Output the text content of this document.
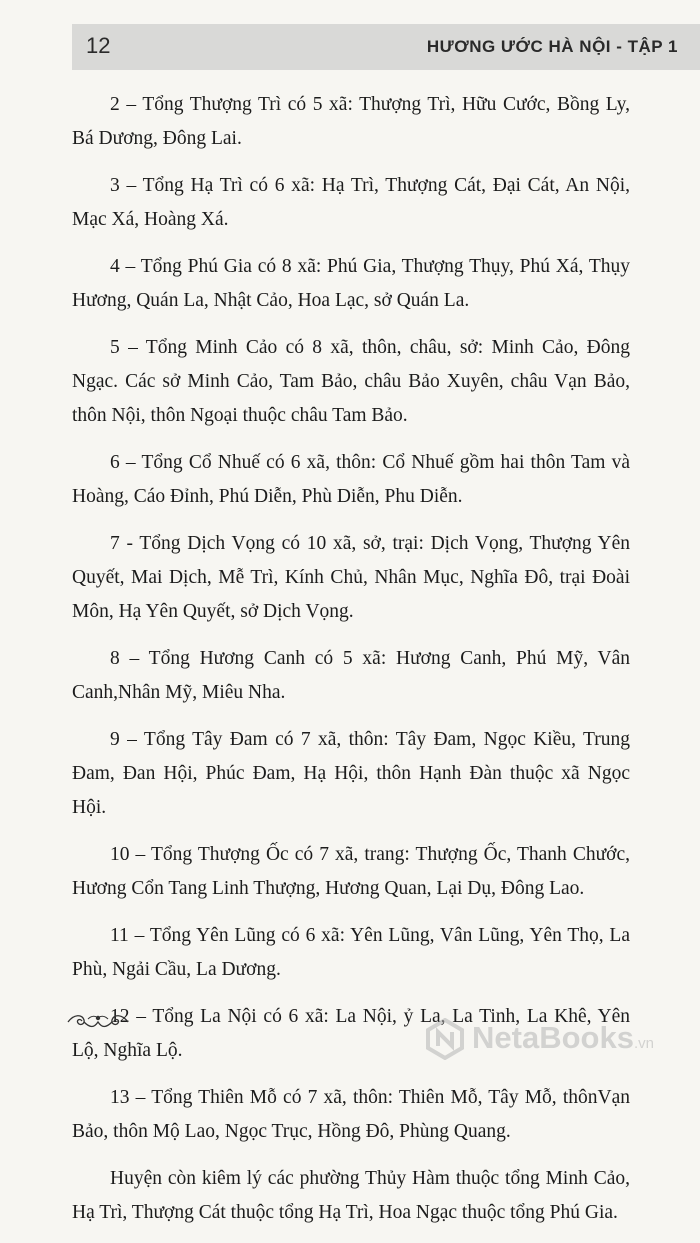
12	HƯƠNG ƯỚC HÀ NỘI - TẬP 1

2 – Tổng Thượng Trì có 5 xã: Thượng Trì, Hữu Cước, Bồng Ly, Bá Dương, Đông Lai.

3 – Tổng Hạ Trì có 6 xã: Hạ Trì, Thượng Cát, Đại Cát, An Nội, Mạc Xá, Hoàng Xá.

4 – Tổng Phú Gia có 8 xã: Phú Gia, Thượng Thụy, Phú Xá, Thụy Hương, Quán La, Nhật Cảo, Hoa Lạc, sở Quán La.

5 – Tổng Minh Cảo có 8 xã, thôn, châu, sở: Minh Cảo, Đông Ngạc. Các sở Minh Cảo, Tam Bảo, châu Bảo Xuyên, châu Vạn Bảo, thôn Nội, thôn Ngoại thuộc châu Tam Bảo.

6 – Tổng Cổ Nhuế có 6 xã, thôn: Cổ Nhuế gồm hai thôn Tam và Hoàng, Cáo Đỉnh, Phú Diễn, Phù Diễn, Phu Diễn.

7 - Tổng Dịch Vọng có 10 xã, sở, trại: Dịch Vọng, Thượng Yên Quyết, Mai Dịch, Mễ Trì, Kính Chủ, Nhân Mục, Nghĩa Đô, trại Đoài Môn, Hạ Yên Quyết, sở Dịch Vọng.

8 – Tổng Hương Canh có 5 xã: Hương Canh, Phú Mỹ, Vân Canh,Nhân Mỹ, Miêu Nha.

9 – Tổng Tây Đam có 7 xã, thôn: Tây Đam, Ngọc Kiều, Trung Đam, Đan Hội, Phúc Đam, Hạ Hội, thôn Hạnh Đàn thuộc xã Ngọc Hội.

10 – Tổng Thượng Ốc có 7 xã, trang: Thượng Ốc, Thanh Chước, Hương Cổn Tang Linh Thượng, Hương Quan, Lại Dụ, Đông Lao.

11 – Tổng Yên Lũng có 6 xã: Yên Lũng, Vân Lũng, Yên Thọ, La Phù, Ngải Cầu, La Dương.

12 – Tổng La Nội có 6 xã: La Nội, ỷ La, La Tinh, La Khê, Yên Lộ, Nghĩa Lộ.

13 – Tổng Thiên Mỗ có 7 xã, thôn: Thiên Mỗ, Tây Mỗ, thônVạn Bảo, thôn Mộ Lao, Ngọc Trục, Hồng Đô, Phùng Quang.

Huyện còn kiêm lý các phường Thủy Hàm thuộc tổng Minh Cảo, Hạ Trì, Thượng Cát thuộc tổng Hạ Trì, Hoa Ngạc thuộc tổng Phú Gia.

NetaBooks.vn
